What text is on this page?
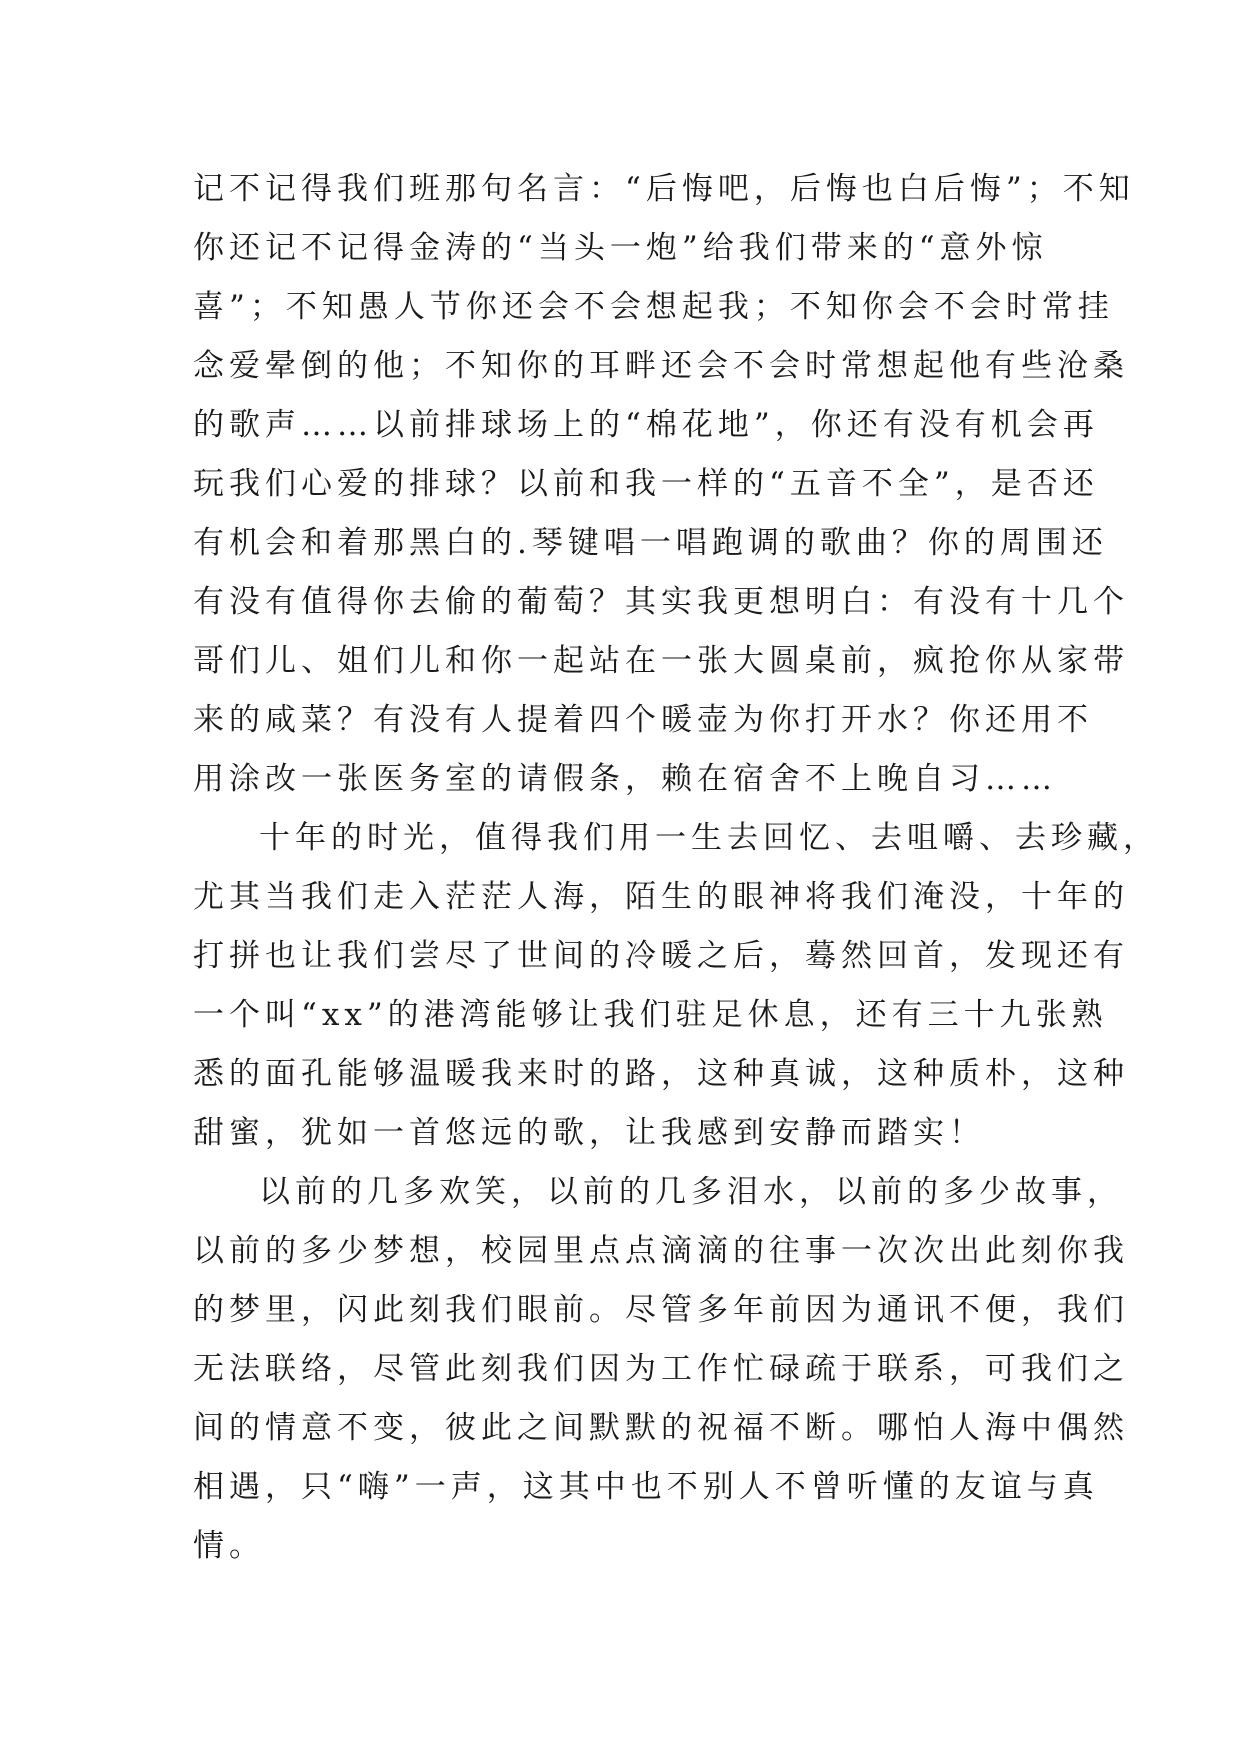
记不记得我们班那句名言：“后悔吧，后悔也白后悔”；不知
你还记不记得金涛的“当头一炮”给我们带来的“意外惊
喜”；不知愚人节你还会不会想起我；不知你会不会时常挂
念爱晕倒的他；不知你的耳畔还会不会时常想起他有些沧桑
的歌声……以前排球场上的“棉花地”，你还有没有机会再
玩我们心爱的排球？以前和我一样的“五音不全”，是否还
有机会和着那黑白的.琴键唱一唱跑调的歌曲？你的周围还
有没有值得你去偷的葡萄？其实我更想明白：有没有十几个
哥们儿、姐们儿和你一起站在一张大圆桌前，疯抢你从家带
来的咸菜？有没有人提着四个暖壶为你打开水？你还用不
用涂改一张医务室的请假条，赖在宿舍不上晚自习……
十年的时光，值得我们用一生去回忆、去咀嚼、去珍藏，
尤其当我们走入茫茫人海，陌生的眼神将我们淹没，十年的
打拼也让我们尝尽了世间的冷暖之后，蓦然回首，发现还有
一个叫“xx”的港湾能够让我们驻足休息，还有三十九张熟
悉的面孔能够温暖我来时的路，这种真诚，这种质朴，这种
甜蜜，犹如一首悠远的歌，让我感到安静而踏实！
以前的几多欢笑，以前的几多泪水，以前的多少故事，
以前的多少梦想，校园里点点滴滴的往事一次次出此刻你我
的梦里，闪此刻我们眼前。尽管多年前因为通讯不便，我们
无法联络，尽管此刻我们因为工作忙碌疏于联系，可我们之
间的情意不变，彼此之间默默的祝福不断。哪怕人海中偶然
相遇，只“嗨”一声，这其中也不别人不曾听懂的友谊与真
情。
